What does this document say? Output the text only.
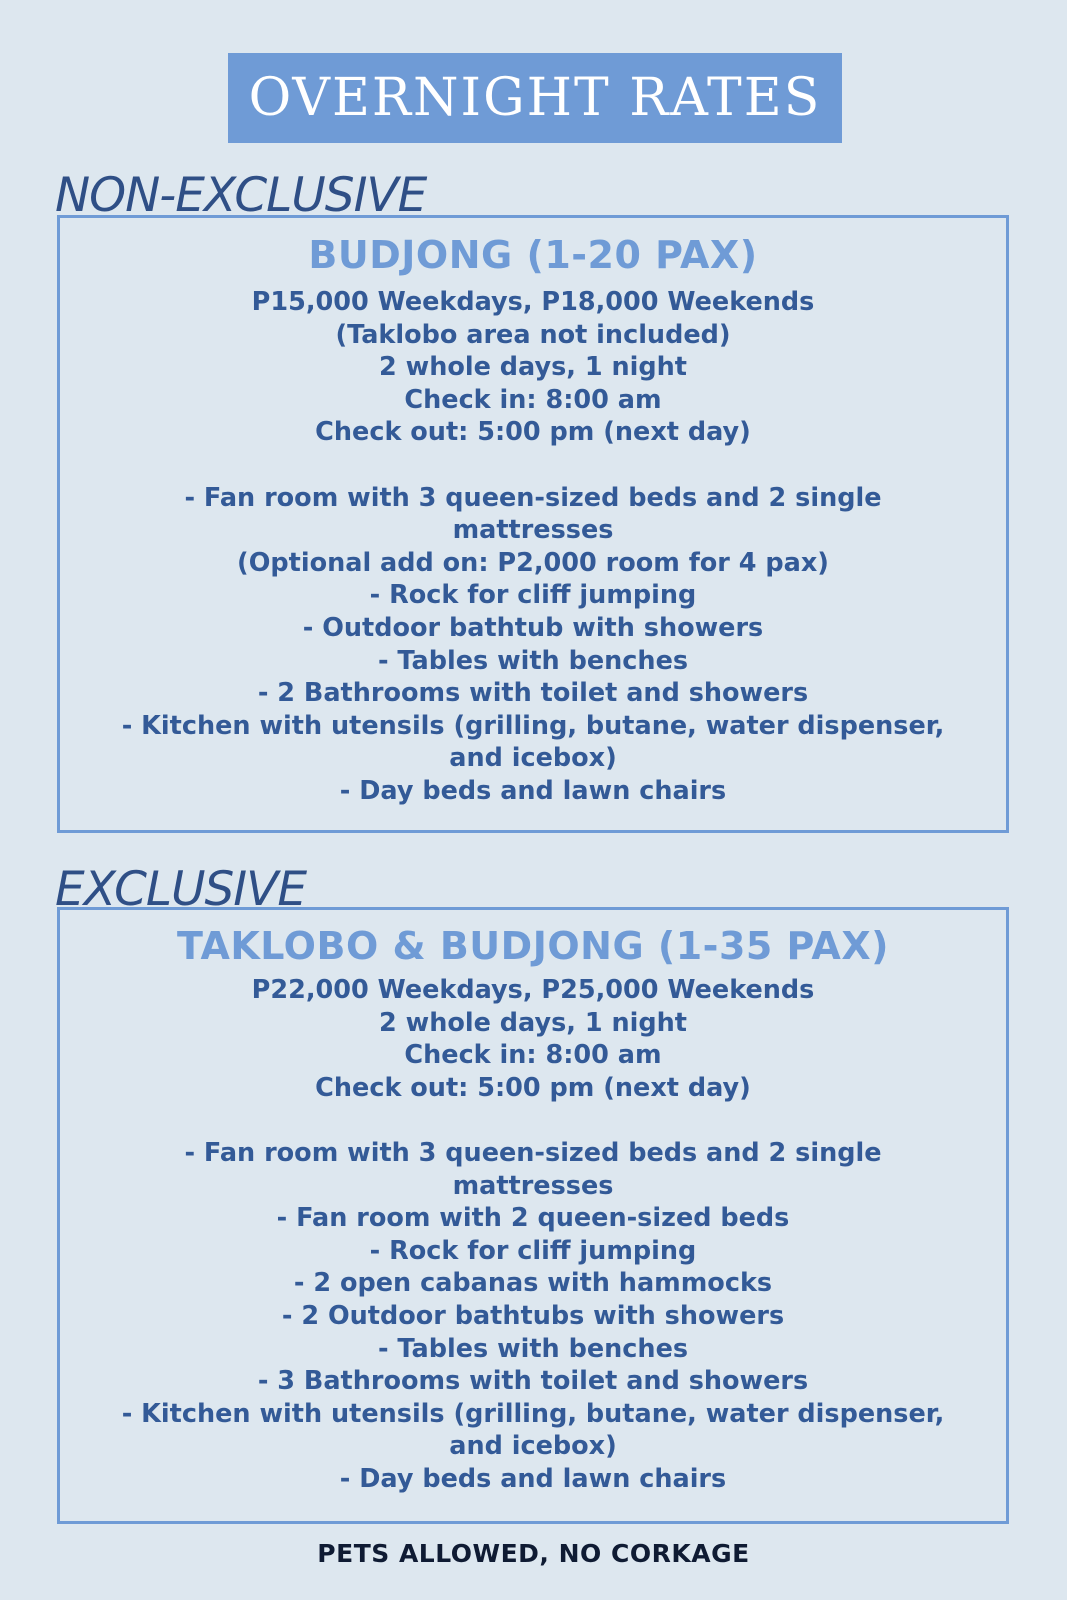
OVERNIGHT RATES
NON-EXCLUSIVE
BUDJONG (1-20 PAX)
P15,000 Weekdays, P18,000 Weekends
(Taklobo area not included)
2 whole days, 1 night
Check in: 8:00 am
Check out: 5:00 pm (next day)
- Fan room with 3 queen-sized beds and 2 single
mattresses
(Optional add on: P2,000 room for 4 pax)
- Rock for cliff jumping
- Outdoor bathtub with showers
- Tables with benches
- 2 Bathrooms with toilet and showers
- Kitchen with utensils (grilling, butane, water dispenser,
and icebox)
- Day beds and lawn chairs
EXCLUSIVE
TAKLOBO & BUDJONG (1-35 PAX)
P22,000 Weekdays, P25,000 Weekends
2 whole days, 1 night
Check in: 8:00 am
Check out: 5:00 pm (next day)
- Fan room with 3 queen-sized beds and 2 single
mattresses
- Fan room with 2 queen-sized beds
- Rock for cliff jumping
- 2 open cabanas with hammocks
- 2 Outdoor bathtubs with showers
- Tables with benches
- 3 Bathrooms with toilet and showers
- Kitchen with utensils (grilling, butane, water dispenser,
and icebox)
- Day beds and lawn chairs
PETS ALLOWED, NO CORKAGE
